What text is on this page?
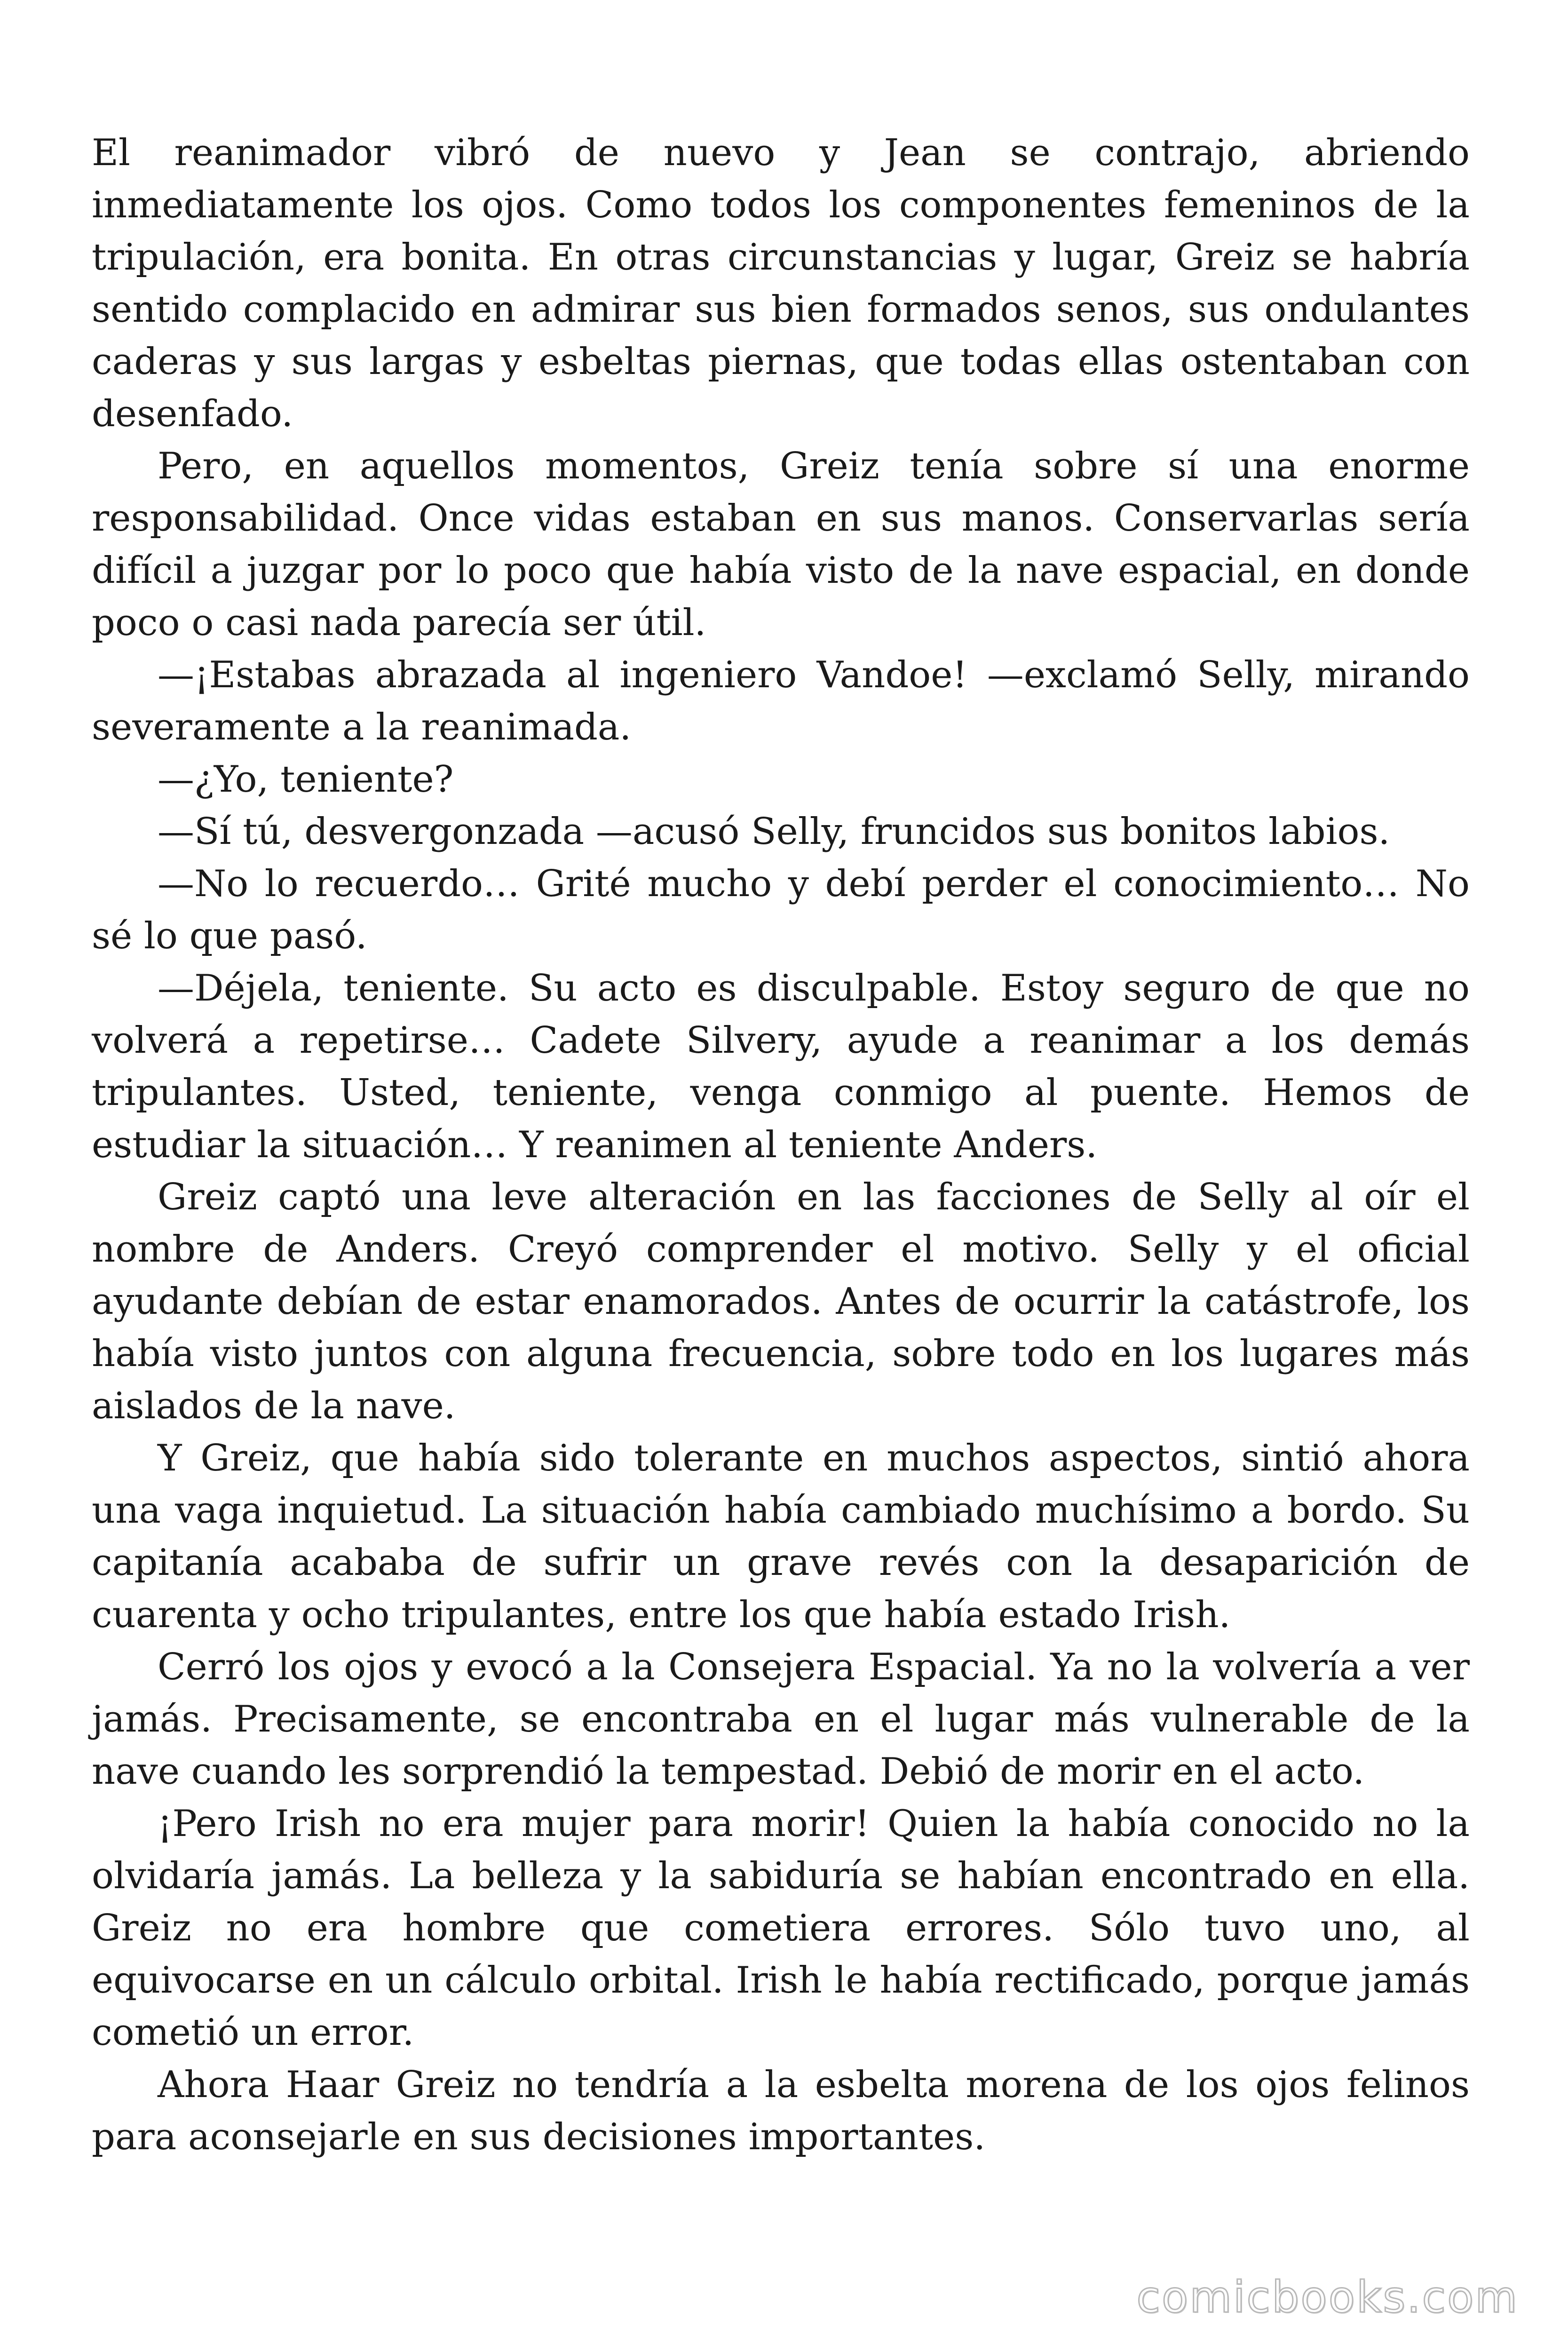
El reanimador vibró de nuevo y Jean se contrajo, abriendo inmediatamente los ojos. Como todos los componentes femeninos de la tripulación, era bonita. En otras circunstancias y lugar, Greiz se habría sentido complacido en admirar sus bien formados senos, sus ondulantes caderas y sus largas y esbeltas piernas, que todas ellas ostentaban con desenfado.

Pero, en aquellos momentos, Greiz tenía sobre sí una enorme responsabilidad. Once vidas estaban en sus manos. Conservarlas sería difícil a juzgar por lo poco que había visto de la nave espacial, en donde poco o casi nada parecía ser útil.

—¡Estabas abrazada al ingeniero Vandoe! —exclamó Selly, mirando severamente a la reanimada.

—¿Yo, teniente?

—Sí tú, desvergonzada —acusó Selly, fruncidos sus bonitos labios.

—No lo recuerdo… Grité mucho y debí perder el conocimiento… No sé lo que pasó.

—Déjela, teniente. Su acto es disculpable. Estoy seguro de que no volverá a repetirse… Cadete Silvery, ayude a reanimar a los demás tripulantes. Usted, teniente, venga conmigo al puente. Hemos de estudiar la situación… Y reanimen al teniente Anders.

Greiz captó una leve alteración en las facciones de Selly al oír el nombre de Anders. Creyó comprender el motivo. Selly y el oficial ayudante debían de estar enamorados. Antes de ocurrir la catástrofe, los había visto juntos con alguna frecuencia, sobre todo en los lugares más aislados de la nave.

Y Greiz, que había sido tolerante en muchos aspectos, sintió ahora una vaga inquietud. La situación había cambiado muchísimo a bordo. Su capitanía acababa de sufrir un grave revés con la desaparición de cuarenta y ocho tripulantes, entre los que había estado Irish.

Cerró los ojos y evocó a la Consejera Espacial. Ya no la volvería a ver jamás. Precisamente, se encontraba en el lugar más vulnerable de la nave cuando les sorprendió la tempestad. Debió de morir en el acto.

¡Pero Irish no era mujer para morir! Quien la había conocido no la olvidaría jamás. La belleza y la sabiduría se habían encontrado en ella. Greiz no era hombre que cometiera errores. Sólo tuvo uno, al equivocarse en un cálculo orbital. Irish le había rectificado, porque jamás cometió un error.

Ahora Haar Greiz no tendría a la esbelta morena de los ojos felinos para aconsejarle en sus decisiones importantes.

comicbooks.com
